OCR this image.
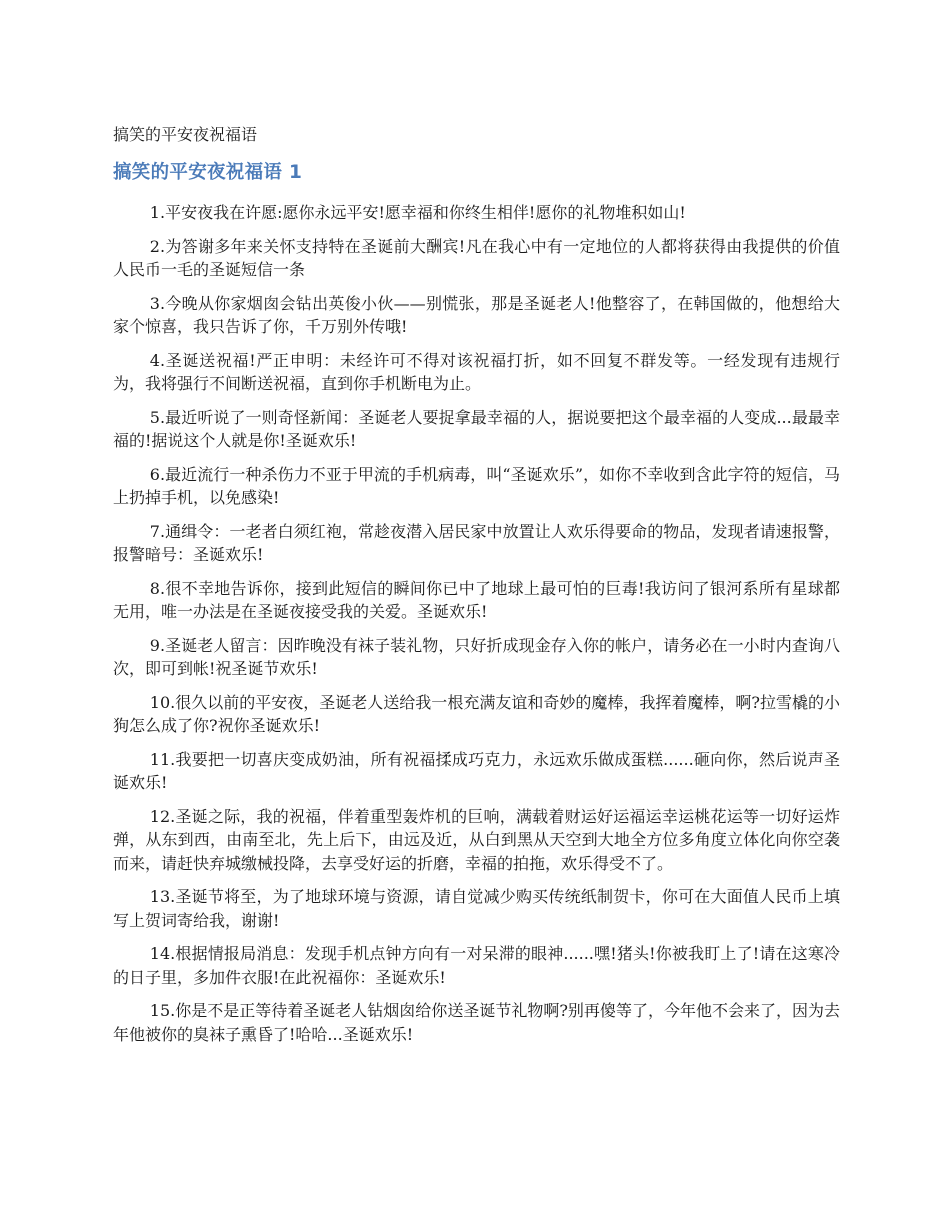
搞笑的平安夜祝福语
搞笑的平安夜祝福语 1

1.平安夜我在许愿:愿你永远平安!愿幸福和你终生相伴!愿你的礼物堆积如山!

2.为答谢多年来关怀支持特在圣诞前大酬宾!凡在我心中有一定地位的人都将获得由我提供的价值人民币一毛的圣诞短信一条

3.今晚从你家烟囱会钻出英俊小伙——别慌张，那是圣诞老人!他整容了，在韩国做的，他想给大家个惊喜，我只告诉了你，千万别外传哦!

4.圣诞送祝福!严正申明：未经许可不得对该祝福打折，如不回复不群发等。一经发现有违规行为，我将强行不间断送祝福，直到你手机断电为止。

5.最近听说了一则奇怪新闻：圣诞老人要捉拿最幸福的人，据说要把这个最幸福的人变成...最最幸福的!据说这个人就是你!圣诞欢乐!

6.最近流行一种杀伤力不亚于甲流的手机病毒，叫“圣诞欢乐”，如你不幸收到含此字符的短信，马上扔掉手机，以免感染!

7.通缉令：一老者白须红袍，常趁夜潜入居民家中放置让人欢乐得要命的物品，发现者请速报警，报警暗号：圣诞欢乐!

8.很不幸地告诉你，接到此短信的瞬间你已中了地球上最可怕的巨毒!我访问了银河系所有星球都无用，唯一办法是在圣诞夜接受我的关爱。圣诞欢乐!

9.圣诞老人留言：因昨晚没有袜子装礼物，只好折成现金存入你的帐户，请务必在一小时内查询八次，即可到帐!祝圣诞节欢乐!

10.很久以前的平安夜，圣诞老人送给我一根充满友谊和奇妙的魔棒，我挥着魔棒，啊?拉雪橇的小狗怎么成了你?祝你圣诞欢乐!

11.我要把一切喜庆变成奶油，所有祝福揉成巧克力，永远欢乐做成蛋糕......砸向你，然后说声圣诞欢乐!

12.圣诞之际，我的祝福，伴着重型轰炸机的巨响，满载着财运好运福运幸运桃花运等一切好运炸弹，从东到西，由南至北，先上后下，由远及近，从白到黑从天空到大地全方位多角度立体化向你空袭而来，请赶快弃城缴械投降，去享受好运的折磨，幸福的拍拖，欢乐得受不了。

13.圣诞节将至，为了地球环境与资源，请自觉减少购买传统纸制贺卡，你可在大面值人民币上填写上贺词寄给我，谢谢!

14.根据情报局消息：发现手机点钟方向有一对呆滞的眼神......嘿!猪头!你被我盯上了!请在这寒冷的日子里，多加件衣服!在此祝福你：圣诞欢乐!

15.你是不是正等待着圣诞老人钻烟囱给你送圣诞节礼物啊?别再傻等了，今年他不会来了，因为去年他被你的臭袜子熏昏了!哈哈...圣诞欢乐!
